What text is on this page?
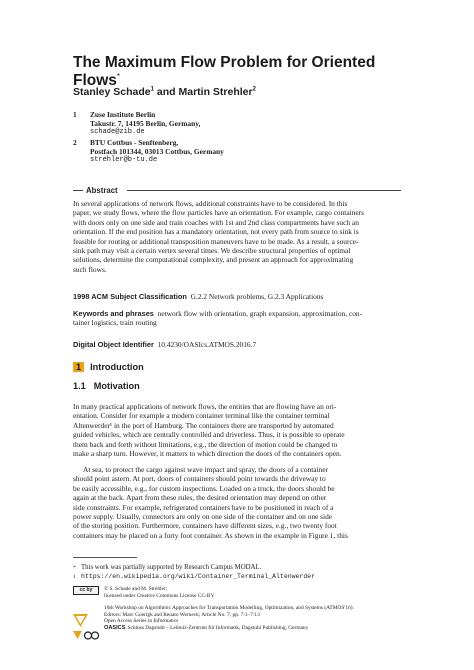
The Maximum Flow Problem for Oriented Flows*
Stanley Schade$^1$ and Martin Strehler$^2$
1 Zuse Institute Berlin
Takustr. 7, 14195 Berlin, Germany,
schade@zib.de
2 BTU Cottbus - Senftenberg,
Postfach 101344, 03013 Cottbus, Germany
strehler@b-tu.de
Abstract
In several applications of network flows, additional constraints have to be considered. In this
paper, we study flows, where the flow particles have an orientation. For example, cargo containers
with doors only on one side and train coaches with 1st and 2nd class compartments have such an
orientation. If the end position has a mandatory orientation, not every path from source to sink is
feasible for routing or additional transposition maneuvers have to be made. As a result, a source-
sink path may visit a certain vertex several times. We describe structural properties of optimal
solutions, determine the computational complexity, and present an approach for approximating
such flows.
1998 ACM Subject Classification G.2.2 Network problems, G.2.3 Applications
Keywords and phrases network flow with orientation, graph expansion, approximation, con-
tainer logistics, train routing
Digital Object Identifier 10.4230/OASIcs.ATMOS.2016.7
1 Introduction
1.1 Motivation
In many practical applications of network flows, the entities that are flowing have an ori-
entation. Consider for example a modern container terminal like the container terminal
Altenwerder¹ in the port of Hamburg. The containers there are transported by automated
guided vehicles, which are centrally controlled and driverless. Thus, it is possible to operate
them back and forth without limitations, e.g., the direction of motion could be changed to
make a sharp turn. However, it matters to which direction the doors of the containers open.
At sea, to protect the cargo against wave impact and spray, the doors of a container
should point astern. At port, doors of containers should point towards the driveway to
be easily accessible, e.g., for custom inspections. Loaded on a truck, the doors should be
again at the back. Apart from these rules, the desired orientation may depend on other
side constraints. For example, refrigerated containers have to be positioned in reach of a
power supply. Usually, connectors are only on one side of the container and on one side
of the storing position. Furthermore, containers have different sizes, e.g., two twenty foot
containers may be placed on a forty foot container. As shown in the example in Figure 1, this
* This work was partially supported by Research Campus MODAL.
1 https://en.wikipedia.org/wiki/Container_Terminal_Altenwerder
cc by	© S. Schade and M. Strehler;
licensed under Creative Commons License CC-BY
16th Workshop on Algorithmic Approaches for Transportation Modelling, Optimization, and Systems (ATMOS'16).
Editors: Marc Goerigk and Renato Werneck; Article No. 7; pp. 7:1–7:13
Open Access Series in Informatics
OASICS Schloss Dagstuhl – Leibniz-Zentrum für Informatik, Dagstuhl Publishing, Germany
